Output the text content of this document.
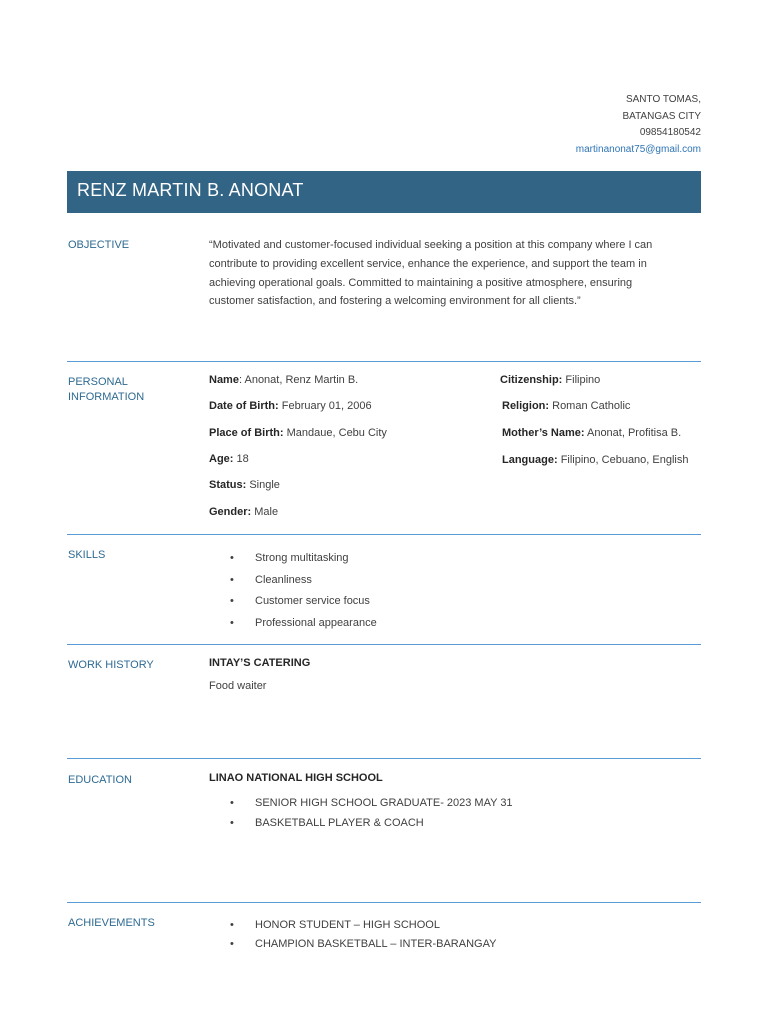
SANTO TOMAS,
BATANGAS CITY
09854180542
martinanonat75@gmail.com
RENZ MARTIN B. ANONAT
OBJECTIVE	“Motivated and customer-focused individual seeking a position at this company where I can
contribute to providing excellent service, enhance the experience, and support the team in
achieving operational goals. Committed to maintaining a positive atmosphere, ensuring
customer satisfaction, and fostering a welcoming environment for all clients.”
PERSONAL
INFORMATION
Name: Anonat, Renz Martin B.
Date of Birth: February 01, 2006
Place of Birth: Mandaue, Cebu City
Age: 18
Status: Single
Gender: Male
Citizenship: Filipino
Religion: Roman Catholic
Mother’s Name: Anonat, Profitisa B.
Language: Filipino, Cebuano, English
SKILLS	• Strong multitasking
• Cleanliness
• Customer service focus
• Professional appearance
WORK HISTORY	INTAY’S CATERING
Food waiter
EDUCATION	LINAO NATIONAL HIGH SCHOOL
• SENIOR HIGH SCHOOL GRADUATE- 2023 MAY 31
• BASKETBALL PLAYER & COACH
ACHIEVEMENTS	• HONOR STUDENT – HIGH SCHOOL
• CHAMPION BASKETBALL – INTER-BARANGAY
